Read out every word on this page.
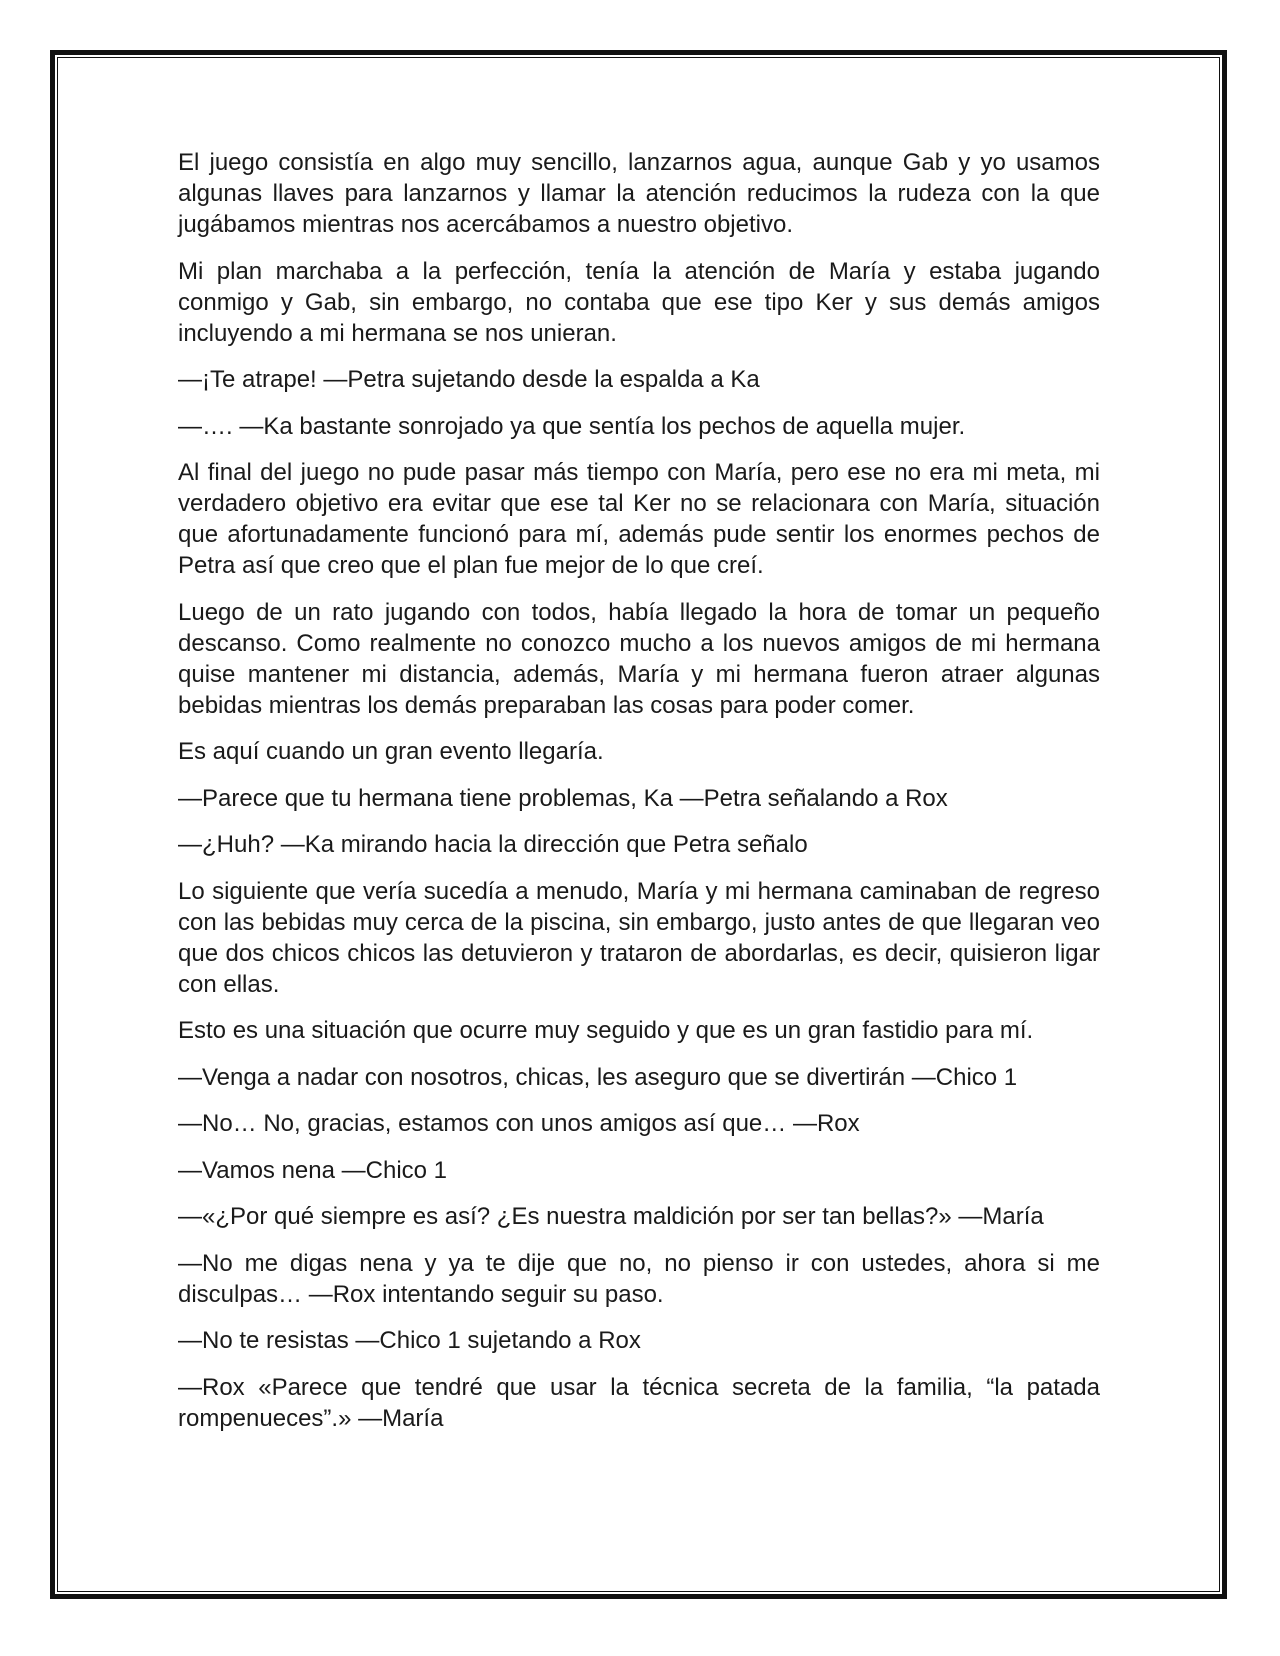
El juego consistía en algo muy sencillo, lanzarnos agua, aunque Gab y yo usamos algunas llaves para lanzarnos y llamar la atención reducimos la rudeza con la que jugábamos mientras nos acercábamos a nuestro objetivo.

Mi plan marchaba a la perfección, tenía la atención de María y estaba jugando conmigo y Gab, sin embargo, no contaba que ese tipo Ker y sus demás amigos incluyendo a mi hermana se nos unieran.

—¡Te atrape! —Petra sujetando desde la espalda a Ka

—…. —Ka bastante sonrojado ya que sentía los pechos de aquella mujer.

Al final del juego no pude pasar más tiempo con María, pero ese no era mi meta, mi verdadero objetivo era evitar que ese tal Ker no se relacionara con María, situación que afortunadamente funcionó para mí, además pude sentir los enormes pechos de Petra así que creo que el plan fue mejor de lo que creí.

Luego de un rato jugando con todos, había llegado la hora de tomar un pequeño descanso. Como realmente no conozco mucho a los nuevos amigos de mi hermana quise mantener mi distancia, además, María y mi hermana fueron atraer algunas bebidas mientras los demás preparaban las cosas para poder comer.

Es aquí cuando un gran evento llegaría.

—Parece que tu hermana tiene problemas, Ka —Petra señalando a Rox

—¿Huh? —Ka mirando hacia la dirección que Petra señalo

Lo siguiente que vería sucedía a menudo, María y mi hermana caminaban de regreso con las bebidas muy cerca de la piscina, sin embargo, justo antes de que llegaran veo que dos chicos chicos las detuvieron y trataron de abordarlas, es decir, quisieron ligar con ellas.

Esto es una situación que ocurre muy seguido y que es un gran fastidio para mí.

—Venga a nadar con nosotros, chicas, les aseguro que se divertirán —Chico 1

—No… No, gracias, estamos con unos amigos así que… —Rox

—Vamos nena —Chico 1

—«¿Por qué siempre es así? ¿Es nuestra maldición por ser tan bellas?» —María

—No me digas nena y ya te dije que no, no pienso ir con ustedes, ahora si me disculpas… —Rox intentando seguir su paso.

—No te resistas —Chico 1 sujetando a Rox

—Rox «Parece que tendré que usar la técnica secreta de la familia, “la patada rompenueces”.» —María
